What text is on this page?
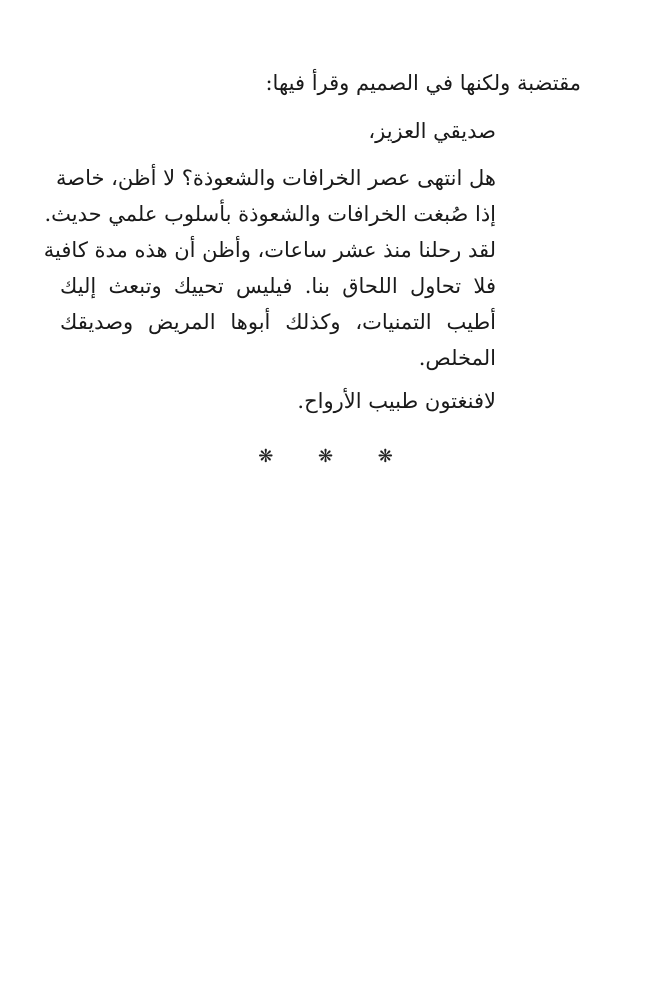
مقتضبة ولكنها في الصميم وقرأ فيها:
صديقي العزيز،
هل انتهى عصر الخرافات والشعوذة؟ لا أظن، خاصة
إذا صُبغت الخرافات والشعوذة بأسلوب علمي حديث.
لقد رحلنا منذ عشر ساعات، وأظن أن هذه مدة كافية
فلا تحاول اللحاق بنا. فيليس تحييك وتبعث إليك
أطيب التمنيات، وكذلك أبوها المريض وصديقك
المخلص.
لافنغتون طبيب الأرواح.
❋ ❋ ❋
